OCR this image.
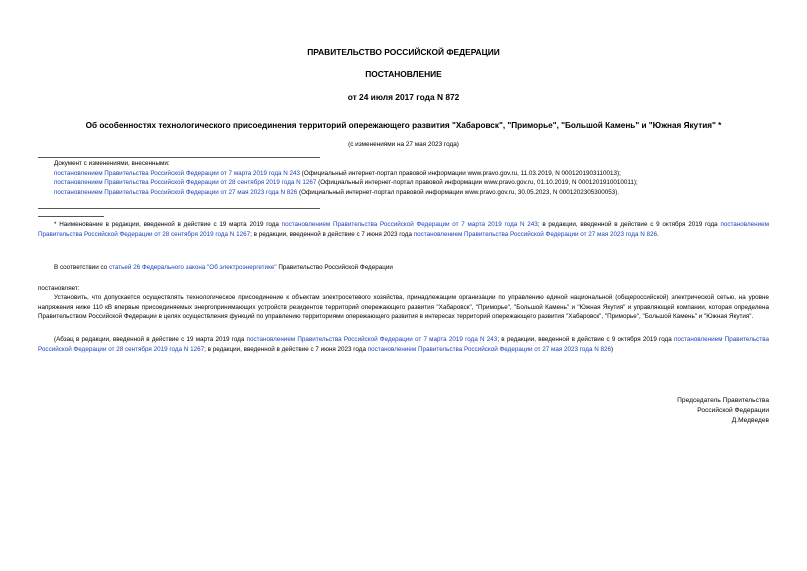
ПРАВИТЕЛЬСТВО РОССИЙСКОЙ ФЕДЕРАЦИИ
ПОСТАНОВЛЕНИЕ
от 24 июля 2017 года N 872
Об особенностях технологического присоединения территорий опережающего развития "Хабаровск", "Приморье", "Большой Камень" и "Южная Якутия" *
(с изменениями на 27 мая 2023 года)

Документ с изменениями, внесенными:

постановлением Правительства Российской Федерации от 7 марта 2019 года N 243 (Официальный интернет-портал правовой информации www.pravo.gov.ru, 11.03.2019, N 0001201903110013);

постановлением Правительства Российской Федерации от 28 сентября 2019 года N 1267 (Официальный интернет-портал правовой информации www.pravo.gov.ru, 01.10.2019, N 0001201910010011);

постановлением Правительства Российской Федерации от 27 мая 2023 года N 826 (Официальный интернет-портал правовой информации www.pravo.gov.ru, 30.05.2023, N 0001202305300053).

* Наименование в редакции, введенной в действие с 19 марта 2019 года постановлением Правительства Российской Федерации от 7 марта 2019 года N 243; в редакции, введенной в действие с 9 октября 2019 года постановлением Правительства Российской Федерации от 28 сентября 2019 года N 1267; в редакции, введенной в действие с 7 июня 2023 года постановлением Правительства Российской Федерации от 27 мая 2023 года N 826.

В соответствии со статьей 26 Федерального закона "Об электроэнергетике" Правительство Российской Федерации

постановляет:

Установить, что допускается осуществлять технологическое присоединение к объектам электросетевого хозяйства, принадлежащим организации по управлению единой национальной (общероссийской) электрической сетью, на уровне напряжения ниже 110 кВ впервые присоединяемых энергопринимающих устройств резидентов территорий опережающего развития "Хабаровск", "Приморье", "Большой Камень" и "Южная Якутия" и управляющей компании, которая определена Правительством Российской Федерации в целях осуществления функций по управлению территориями опережающего развития в интересах территорий опережающего развития "Хабаровск", "Приморье", "Большой Камень" и "Южная Якутия".

(Абзац в редакции, введенной в действие с 19 марта 2019 года постановлением Правительства Российской Федерации от 7 марта 2019 года N 243; в редакции, введенной в действие с 9 октября 2019 года постановлением Правительства Российской Федерации от 28 сентября 2019 года N 1267; в редакции, введенной в действие с 7 июня 2023 года постановлением Правительства Российской Федерации от 27 мая 2023 года N 826)

Председатель Правительства
Российской Федерации
Д.Медведев
